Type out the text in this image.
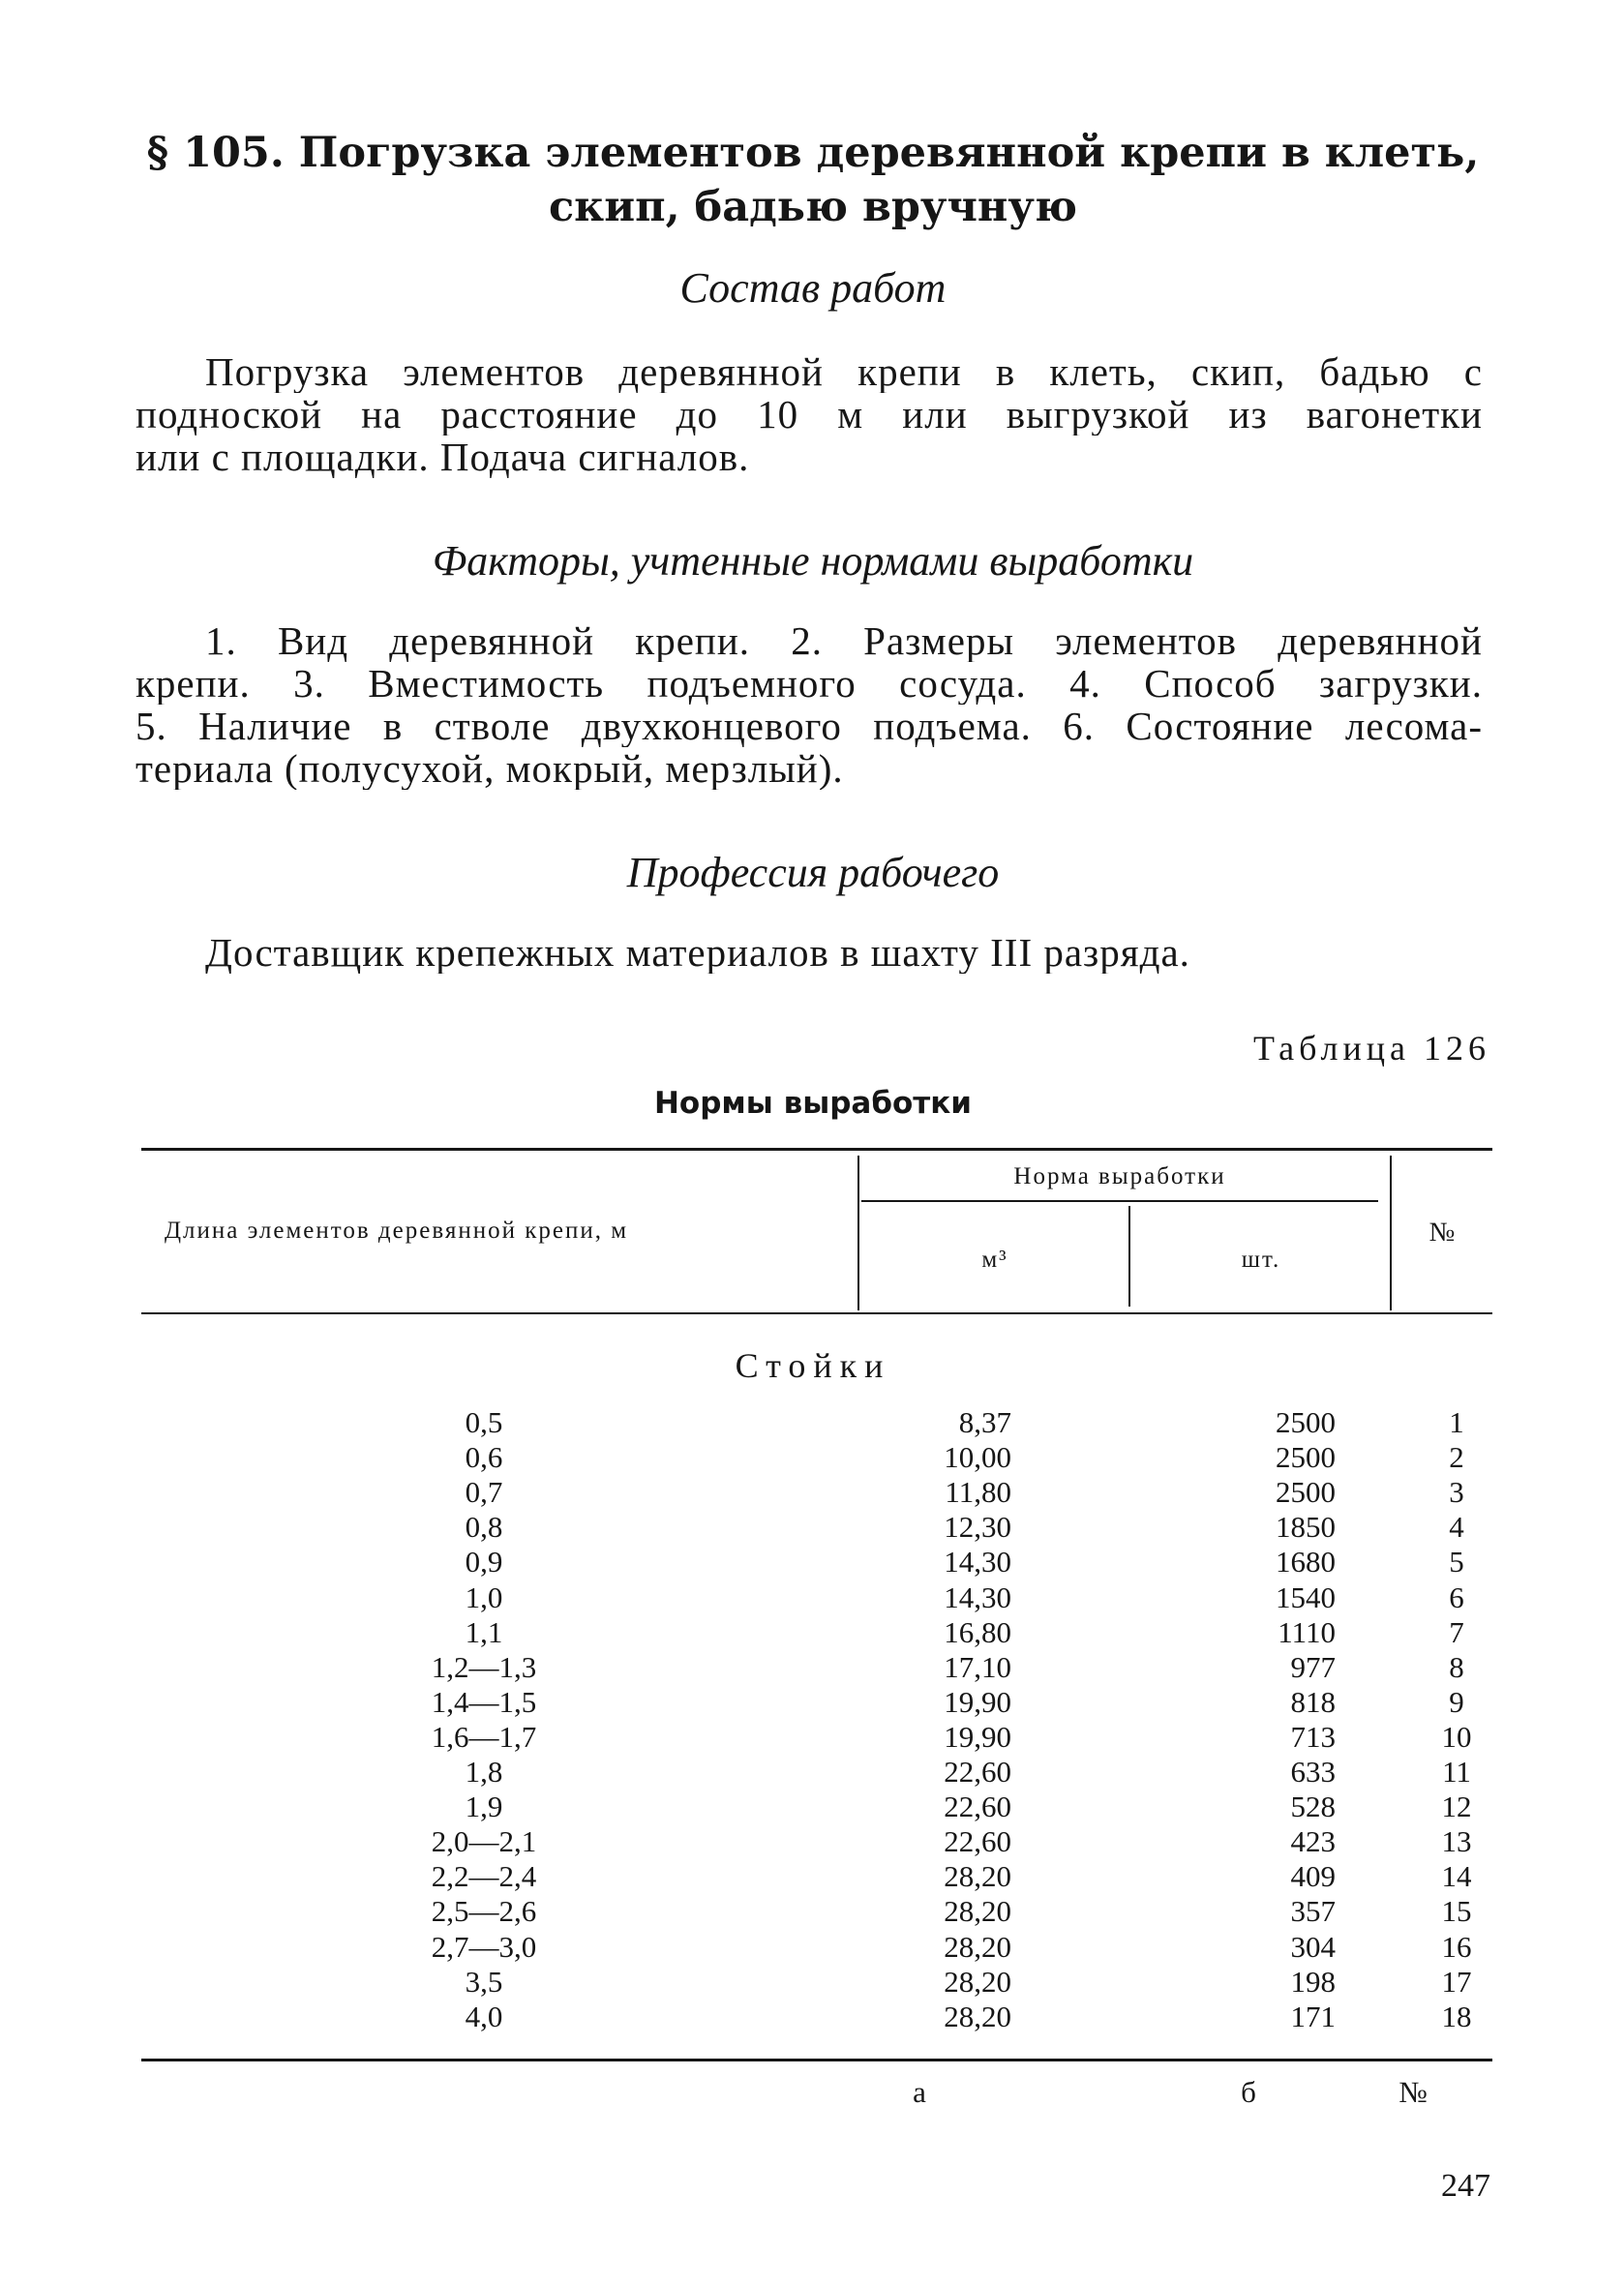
§ 105. Погрузка элементов деревянной крепи в клеть,
скип, бадью вручную
Состав работ
Погрузка элементов деревянной крепи в клеть, скип, бадью с
подноской на расстояние до 10 м или выгрузкой из вагонетки
или с площадки. Подача сигналов.
Факторы, учтенные нормами выработки
1. Вид деревянной крепи. 2. Размеры элементов деревянной
крепи. 3. Вместимость подъемного сосуда. 4. Способ загрузки.
5. Наличие в стволе двухконцевого подъема. 6. Состояние лесома-
териала (полусухой, мокрый, мерзлый).
Профессия рабочего
Доставщик крепежных материалов в шахту III разряда.
Таблица 126
Нормы выработки
Длина элементов деревянной крепи, м
Норма выработки
м³	шт.
№
Стойки
0,5	8,37	2500	1
0,6	10,00	2500	2
0,7	11,80	2500	3
0,8	12,30	1850	4
0,9	14,30	1680	5
1,0	14,30	1540	6
1,1	16,80	1110	7
1,2—1,3	17,10	977	8
1,4—1,5	19,90	818	9
1,6—1,7	19,90	713	10
1,8	22,60	633	11
1,9	22,60	528	12
2,0—2,1	22,60	423	13
2,2—2,4	28,20	409	14
2,5—2,6	28,20	357	15
2,7—3,0	28,20	304	16
3,5	28,20	198	17
4,0	28,20	171	18
а	б	№
247
